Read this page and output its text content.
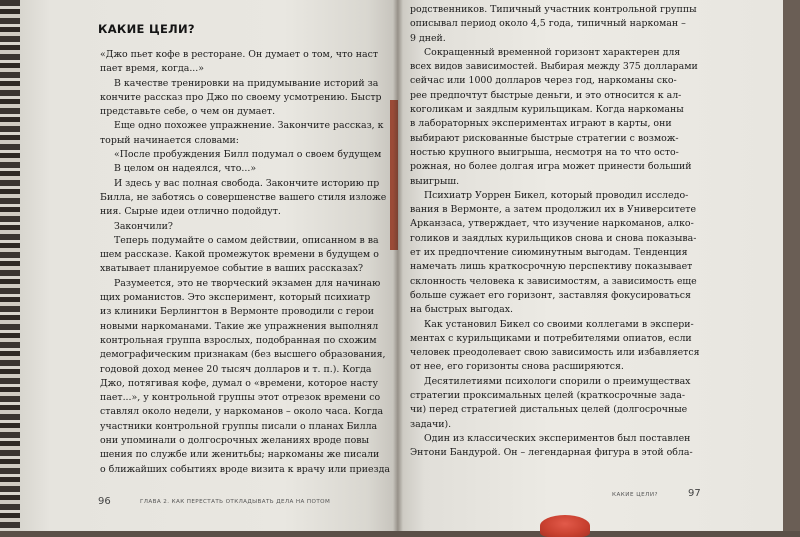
КАКИЕ ЦЕЛИ?

«Джо пьет кофе в ресторане. Он думает о том, что наст

пает время, когда...»

В качестве тренировки на придумывание историй за

кончите рассказ про Джо по своему усмотрению. Быстр

представьте себе, о чем он думает.

Еще одно похожее упражнение. Закончите рассказ, к

торый начинается словами:

«После пробуждения Билл подумал о своем будущем

В целом он надеялся, что...»

И здесь у вас полная свобода. Закончите историю пр

Билла, не заботясь о совершенстве вашего стиля изложе

ния. Сырые идеи отлично подойдут.

Закончили?

Теперь подумайте о самом действии, описанном в ва

шем рассказе. Какой промежуток времени в будущем о

хватывает планируемое событие в ваших рассказах?

Разумеется, это не творческий экзамен для начинаю

щих романистов. Это эксперимент, который психиатр

из клиники Берлингтон в Вермонте проводили с герои

новыми наркоманами. Такие же упражнения выполнял

контрольная группа взрослых, подобранная по схожим

демографическим признакам (без высшего образования,

годовой доход менее 20 тысяч долларов и т. п.). Когда

Джо, потягивая кофе, думал о «времени, которое насту

пает...», у контрольной группы этот отрезок времени со

ставлял около недели, у наркоманов – около часа. Когда

участники контрольной группы писали о планах Билла

они упоминали о долгосрочных желаниях вроде повы

шения по службе или женитьбы; наркоманы же писали

о ближайших событиях вроде визита к врачу или приезда

родственников. Типичный участник контрольной группы

описывал период около 4,5 года, типичный наркоман –

9 дней.

Сокращенный временной горизонт характерен для

всех видов зависимостей. Выбирая между 375 долларами

сейчас или 1000 долларов через год, наркоманы ско-

рее предпочтут быстрые деньги, и это относится к ал-

коголикам и заядлым курильщикам. Когда наркоманы

в лабораторных экспериментах играют в карты, они

выбирают рискованные быстрые стратегии с возмож-

ностью крупного выигрыша, несмотря на то что осто-

рожная, но более долгая игра может принести больший

выигрыш.

Психиатр Уоррен Бикел, который проводил исследо-

вания в Вермонте, а затем продолжил их в Университете

Арканзаса, утверждает, что изучение наркоманов, алко-

голиков и заядлых курильщиков снова и снова показыва-

ет их предпочтение сиюминутным выгодам. Тенденция

намечать лишь краткосрочную перспективу показывает

склонность человека к зависимостям, а зависимость еще

больше сужает его горизонт, заставляя фокусироваться

на быстрых выгодах.

Как установил Бикел со своими коллегами в экспери-

ментах с курильщиками и потребителями опиатов, если

человек преодолевает свою зависимость или избавляется

от нее, его горизонты снова расширяются.

Десятилетиями психологи спорили о преимуществах

стратегии проксимальных целей (краткосрочные зада-

чи) перед стратегией дистальных целей (долгосрочные

задачи).

Один из классических экспериментов был поставлен

Энтони Бандурой. Он – легендарная фигура в этой обла-

96	ГЛАВА 2. КАК ПЕРЕСТАТЬ ОТКЛАДЫВАТЬ ДЕЛА НА ПОТОМ
КАКИЕ ЦЕЛИ?	97
